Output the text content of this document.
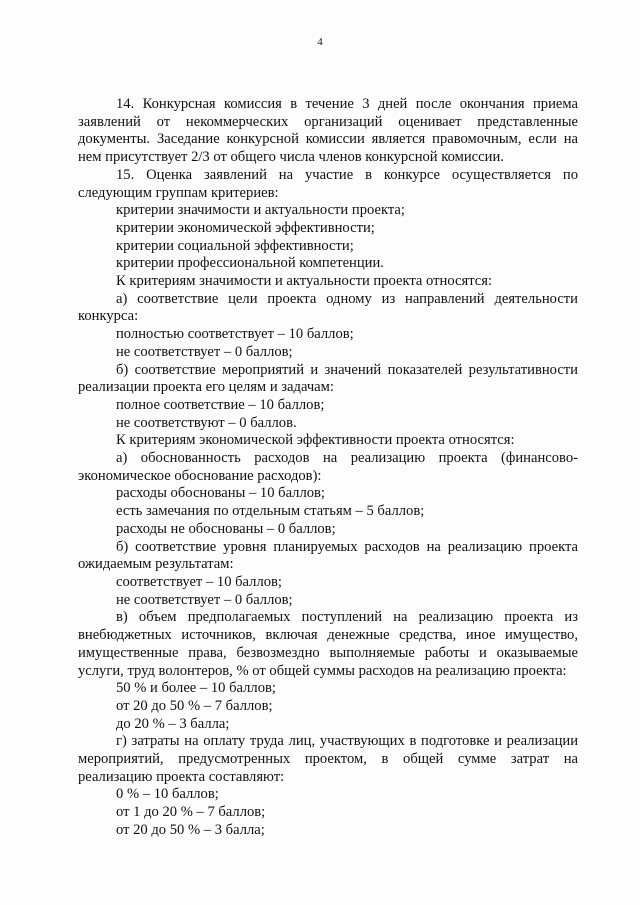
4
14. Конкурсная комиссия в течение 3 дней после окончания приема заявлений от некоммерческих организаций оценивает представленные документы. Заседание конкурсной комиссии является правомочным, если на нем присутствует 2/3 от общего числа членов конкурсной комиссии.
15. Оценка заявлений на участие в конкурсе осуществляется по следующим группам критериев:
критерии значимости и актуальности проекта;
критерии экономической эффективности;
критерии социальной эффективности;
критерии профессиональной компетенции.
К критериям значимости и актуальности проекта относятся:
а) соответствие цели проекта одному из направлений деятельности конкурса:
полностью соответствует – 10 баллов;
не соответствует – 0 баллов;
б) соответствие мероприятий и значений показателей результативности реализации проекта его целям и задачам:
полное соответствие – 10 баллов;
не соответствуют – 0 баллов.
К критериям экономической эффективности проекта относятся:
а) обоснованность расходов на реализацию проекта (финансово-экономическое обоснование расходов):
расходы обоснованы – 10 баллов;
есть замечания по отдельным статьям – 5 баллов;
расходы не обоснованы – 0 баллов;
б) соответствие уровня планируемых расходов на реализацию проекта ожидаемым результатам:
соответствует – 10 баллов;
не соответствует – 0 баллов;
в) объем предполагаемых поступлений на реализацию проекта из внебюджетных источников, включая денежные средства, иное имущество, имущественные права, безвозмездно выполняемые работы и оказываемые услуги, труд волонтеров, % от общей суммы расходов на реализацию проекта:
50 % и более – 10 баллов;
от 20 до 50 % – 7 баллов;
до 20 % – 3 балла;
г) затраты на оплату труда лиц, участвующих в подготовке и реализации мероприятий, предусмотренных проектом, в общей сумме затрат на реализацию проекта составляют:
0 % – 10 баллов;
от 1 до 20 % – 7 баллов;
от 20 до 50 % – 3 балла;
